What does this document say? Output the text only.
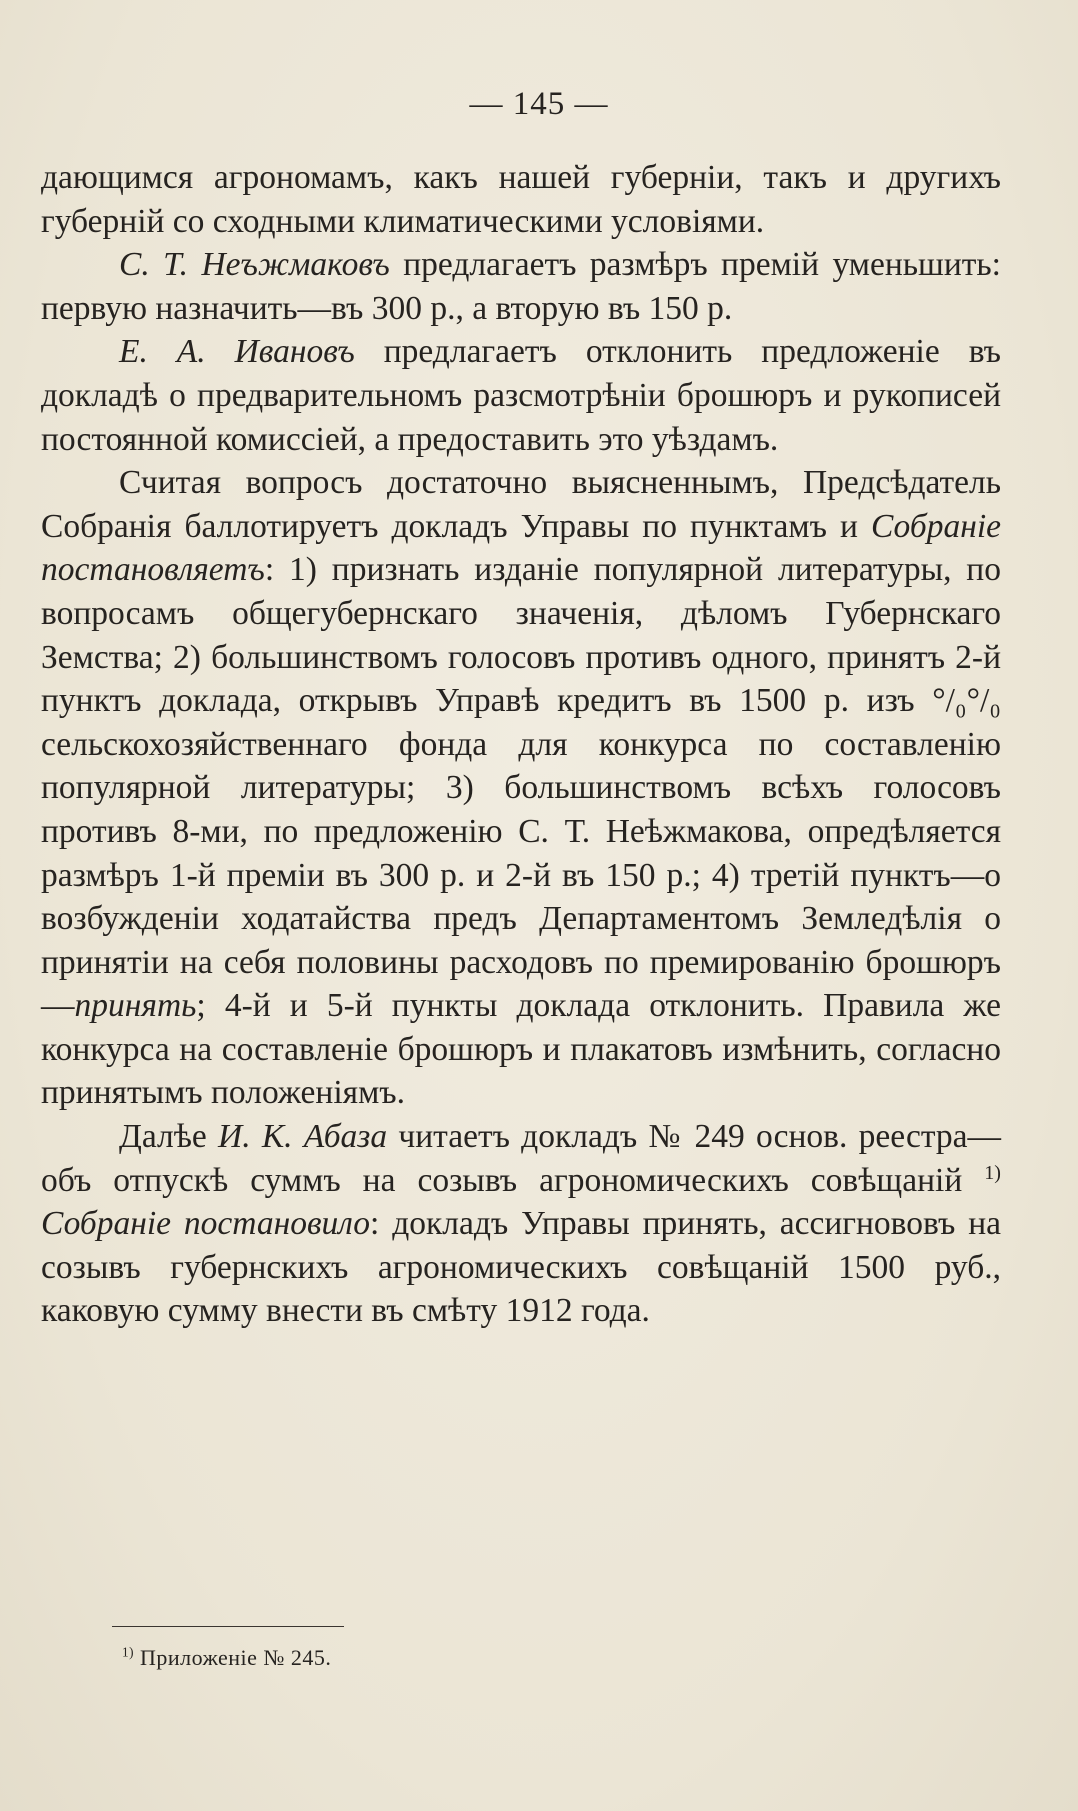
— 145 —

дающимся агрономамъ, какъ нашей губерніи, такъ и другихъ губерній со сходными климатическими условіями.

С. Т. Неъжмаковъ предлагаетъ размѣръ премій уменьшить: первую назначить—въ 300 р., а вторую въ 150 р.

Е. А. Ивановъ предлагаетъ отклонить предложеніе въ докладѣ о предварительномъ разсмотрѣніи брошюръ и рукописей постоянной комиссіей, а предоставить это уѣздамъ.

Считая вопросъ достаточно выясненнымъ, Предсѣдатель Собранія баллотируетъ докладъ Управы по пунктамъ и Собраніе постановляетъ: 1) признать изданіе популярной литературы, по вопросамъ общегубернскаго значенія, дѣломъ Губернскаго Земства; 2) большинствомъ голосовъ противъ одного, принятъ 2-й пунктъ доклада, открывъ Управѣ кредитъ въ 1500 р. изъ °/₀°/₀ сельскохозяйственнаго фонда для конкурса по составленію популярной литературы; 3) большинствомъ всѣхъ голосовъ противъ 8-ми, по предложенію С. Т. Неѣжмакова, опредѣляется размѣръ 1-й преміи въ 300 р. и 2-й въ 150 р.; 4) третій пунктъ—о возбужденіи ходатайства предъ Департаментомъ Земледѣлія о принятіи на себя половины расходовъ по премированію брошюръ—принять; 4-й и 5-й пункты доклада отклонить. Правила же конкурса на составленіе брошюръ и плакатовъ измѣнить, согласно принятымъ положеніямъ.

Далѣе И. К. Абаза читаетъ докладъ № 249 основ. реестра—объ отпускѣ суммъ на созывъ агрономическихъ совѣщаній $^{1)}$ Собраніе постановило: докладъ Управы принять, ассигнововъ на созывъ губернскихъ агрономическихъ совѣщаній 1500 руб., каковую сумму внести въ смѣту 1912 года.

$^{1)}$ Приложеніе № 245.
